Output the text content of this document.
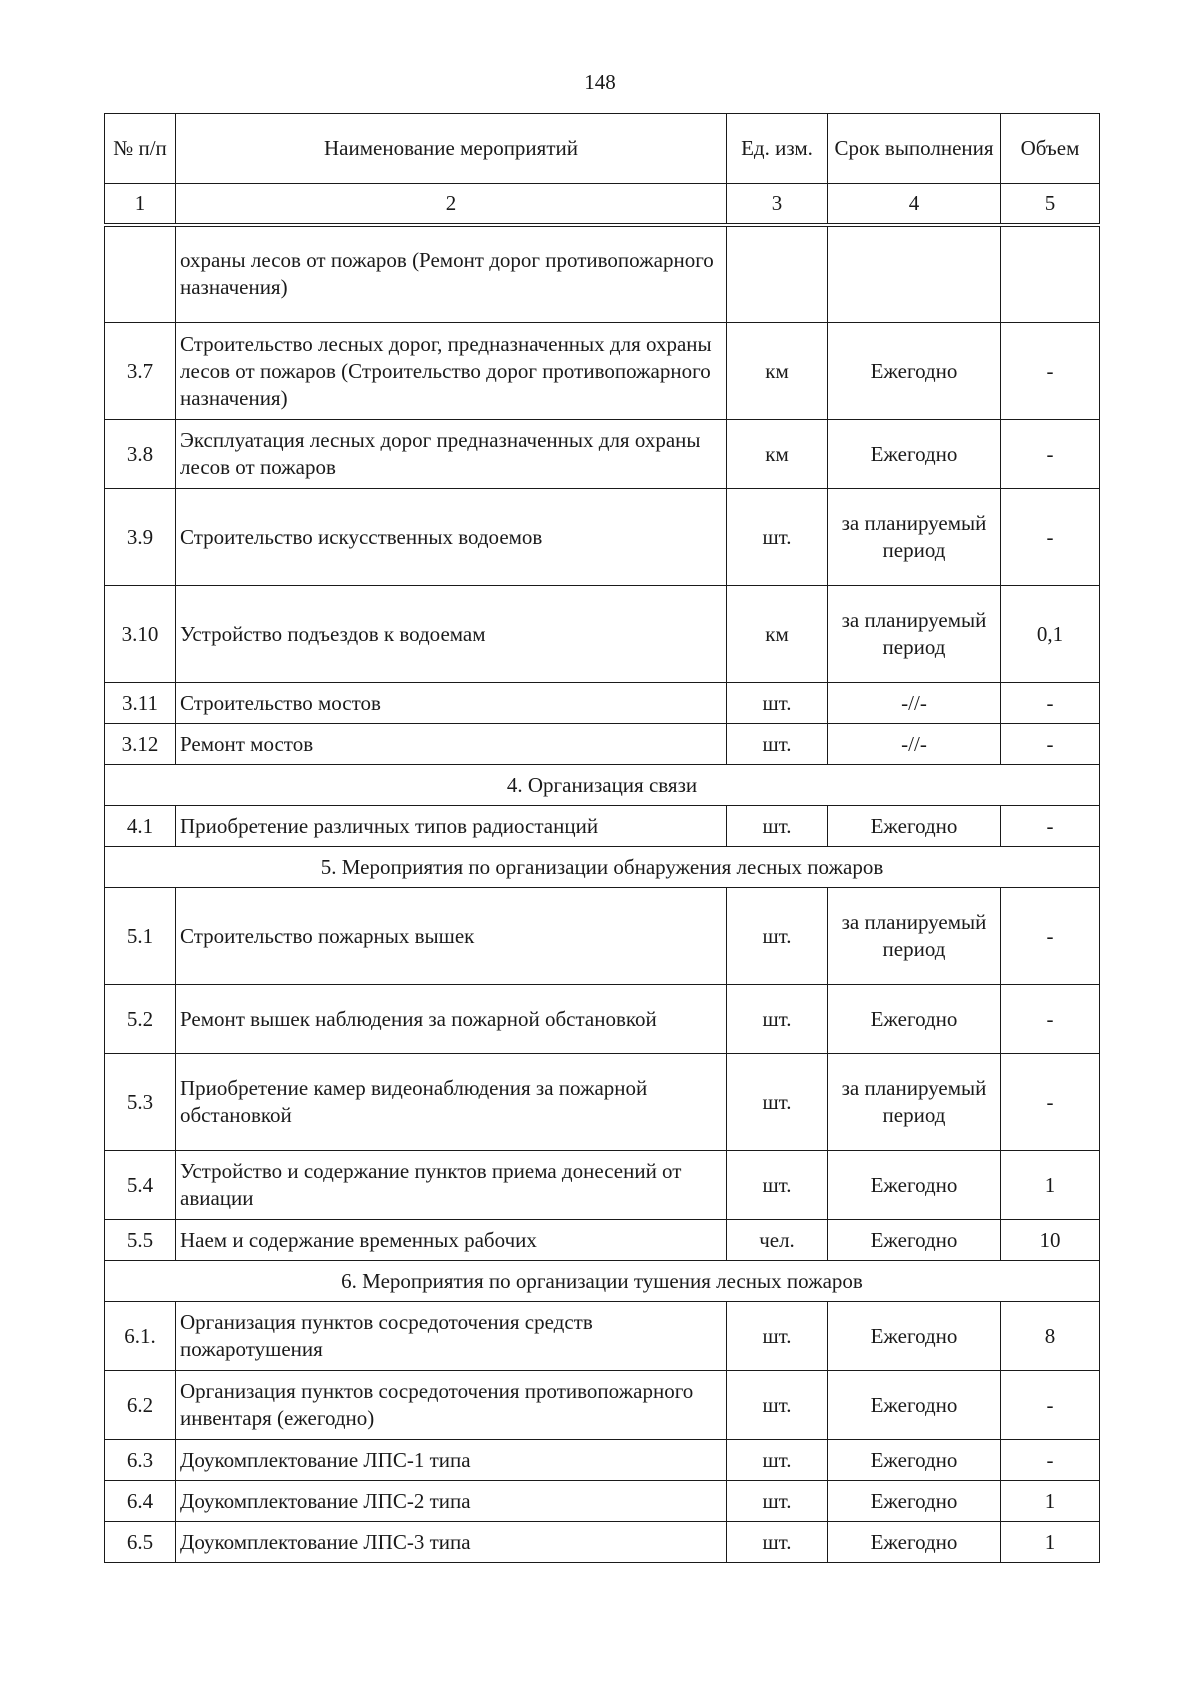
148
№ п/п	Наименование мероприятий	Ед. изм.	Срок выполнения	Объем
1	2	3	4	5
	охраны лесов от пожаров (Ремонт дорог противопожарного назначения)			
3.7	Строительство лесных дорог, предназначенных для охраны лесов от пожаров (Строительство дорог противопожарного назначения)	км	Ежегодно	-
3.8	Эксплуатация лесных дорог предназначенных для охраны лесов от пожаров	км	Ежегодно	-
3.9	Строительство искусственных водоемов	шт.	за планируемый период	-
3.10	Устройство подъездов к водоемам	км	за планируемый период	0,1
3.11	Строительство мостов	шт.	-//-	-
3.12	Ремонт мостов	шт.	-//-	-
4. Организация связи				
4.1	Приобретение различных типов радиостанций	шт.	Ежегодно	-
5. Мероприятия по организации обнаружения лесных пожаров				
5.1	Строительство пожарных вышек	шт.	за планируемый период	-
5.2	Ремонт вышек наблюдения за пожарной обстановкой	шт.	Ежегодно	-
5.3	Приобретение камер видеонаблюдения за пожарной обстановкой	шт.	за планируемый период	-
5.4	Устройство и содержание пунктов приема донесений от авиации	шт.	Ежегодно	1
5.5	Наем и содержание временных рабочих	чел.	Ежегодно	10
6. Мероприятия по организации тушения лесных пожаров				
6.1.	Организация пунктов сосредоточения средств пожаротушения	шт.	Ежегодно	8
6.2	Организация пунктов сосредоточения противопожарного инвентаря (ежегодно)	шт.	Ежегодно	-
6.3	Доукомплектование ЛПС-1 типа	шт.	Ежегодно	-
6.4	Доукомплектование ЛПС-2 типа	шт.	Ежегодно	1
6.5	Доукомплектование ЛПС-3 типа	шт.	Ежегодно	1
